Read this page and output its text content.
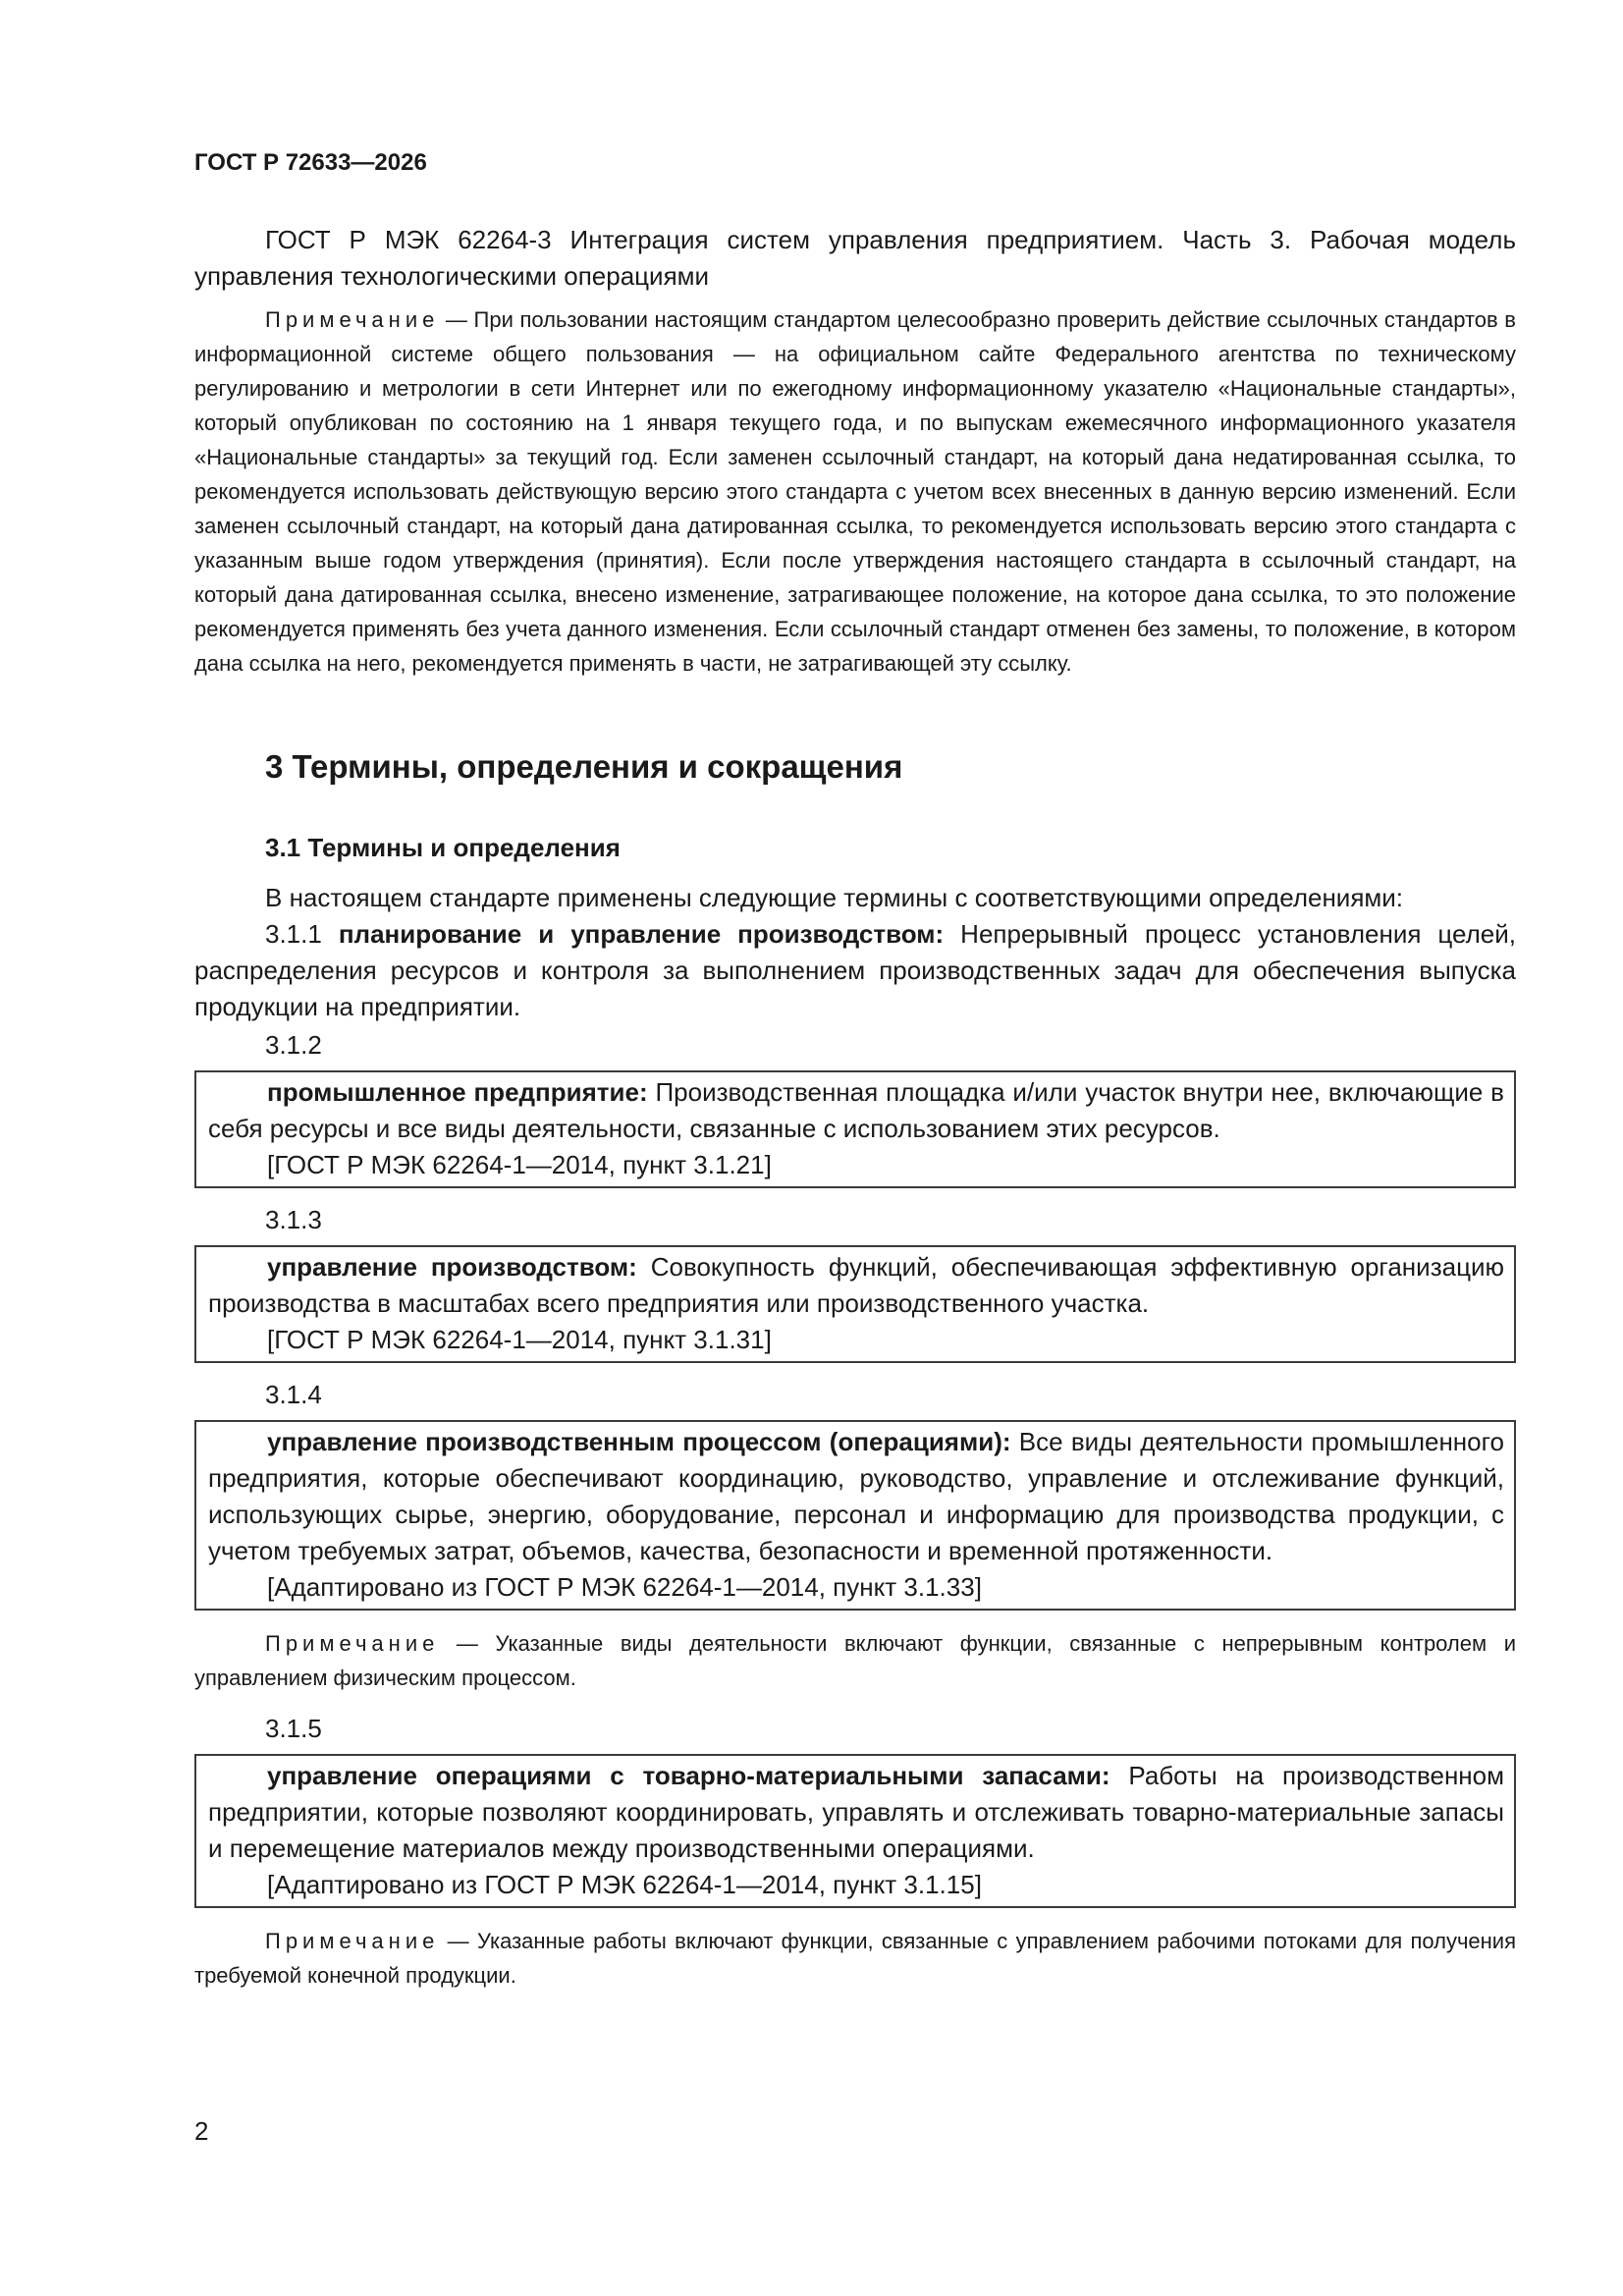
ГОСТ Р 72633—2026

ГОСТ Р МЭК 62264-3 Интеграция систем управления предприятием. Часть 3. Рабочая модель управления технологическими операциями

Примечание — При пользовании настоящим стандартом целесообразно проверить действие ссылочных стандартов в информационной системе общего пользования — на официальном сайте Федерального агентства по техническому регулированию и метрологии в сети Интернет или по ежегодному информационному указателю «Национальные стандарты», который опубликован по состоянию на 1 января текущего года, и по выпускам ежемесячного информационного указателя «Национальные стандарты» за текущий год. Если заменен ссылочный стандарт, на который дана недатированная ссылка, то рекомендуется использовать действующую версию этого стандарта с учетом всех внесенных в данную версию изменений. Если заменен ссылочный стандарт, на который дана датированная ссылка, то рекомендуется использовать версию этого стандарта с указанным выше годом утверждения (принятия). Если после утверждения настоящего стандарта в ссылочный стандарт, на который дана датированная ссылка, внесено изменение, затрагивающее положение, на которое дана ссылка, то это положение рекомендуется применять без учета данного изменения. Если ссылочный стандарт отменен без замены, то положение, в котором дана ссылка на него, рекомендуется применять в части, не затрагивающей эту ссылку.

3 Термины, определения и сокращения
3.1 Термины и определения

В настоящем стандарте применены следующие термины с соответствующими определениями:

3.1.1 планирование и управление производством: Непрерывный процесс установления целей, распределения ресурсов и контроля за выполнением производственных задач для обеспечения выпуска продукции на предприятии.

3.1.2

промышленное предприятие: Производственная площадка и/или участок внутри нее, включающие в себя ресурсы и все виды деятельности, связанные с использованием этих ресурсов.

[ГОСТ Р МЭК 62264-1—2014, пункт 3.1.21]
3.1.3

управление производством: Совокупность функций, обеспечивающая эффективную организацию производства в масштабах всего предприятия или производственного участка.

[ГОСТ Р МЭК 62264-1—2014, пункт 3.1.31]
3.1.4

управление производственным процессом (операциями): Все виды деятельности промышленного предприятия, которые обеспечивают координацию, руководство, управление и отслеживание функций, использующих сырье, энергию, оборудование, персонал и информацию для производства продукции, с учетом требуемых затрат, объемов, качества, безопасности и временной протяженности.

[Адаптировано из ГОСТ Р МЭК 62264-1—2014, пункт 3.1.33]

Примечание — Указанные виды деятельности включают функции, связанные с непрерывным контролем и управлением физическим процессом.

3.1.5

управление операциями с товарно-материальными запасами: Работы на производственном предприятии, которые позволяют координировать, управлять и отслеживать товарно-материальные запасы и перемещение материалов между производственными операциями.

[Адаптировано из ГОСТ Р МЭК 62264-1—2014, пункт 3.1.15]

Примечание — Указанные работы включают функции, связанные с управлением рабочими потоками для получения требуемой конечной продукции.

2
